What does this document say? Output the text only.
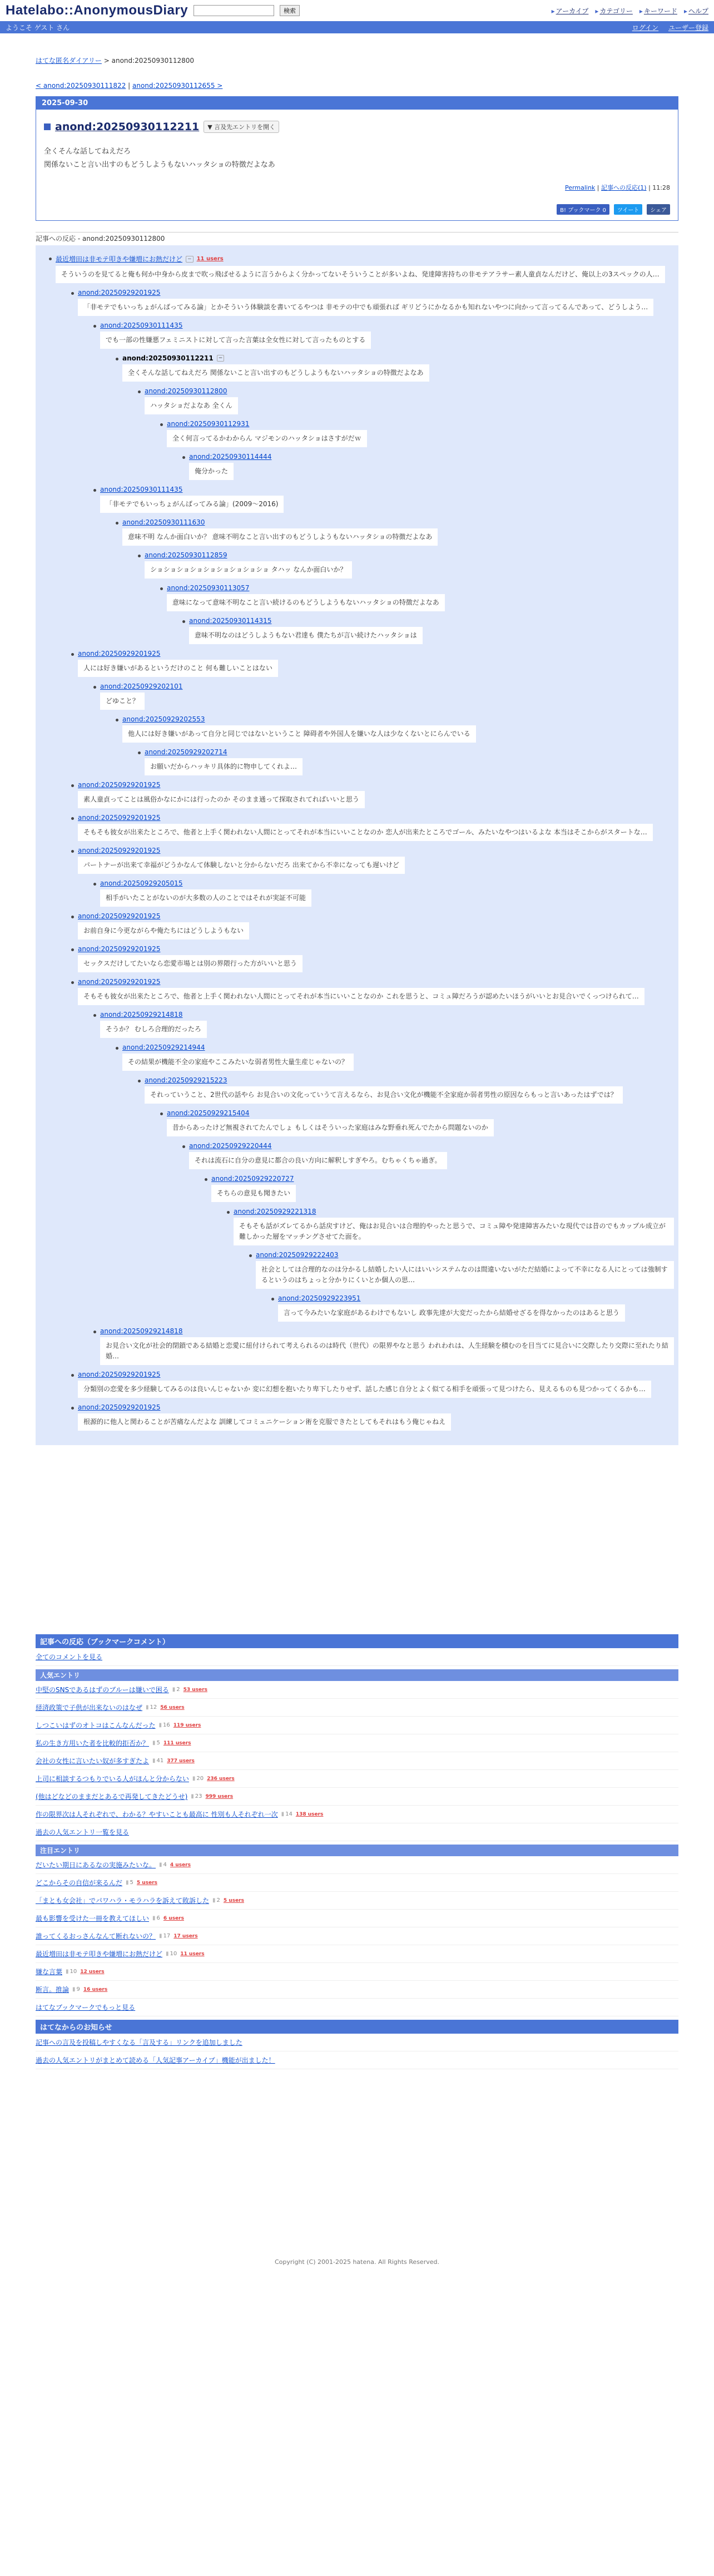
Hatelabo::AnonymousDiary	検索	▸ アーカイブ	▸ カテゴリー	▸ キーワード	▸ ヘルプ
ようこそ ゲスト さん	ログイン ユーザー登録
はてな匿名ダイアリー > anond:20250930112800
< anond:20250930111822 | anond:20250930112655 >
2025-09-30
anond:20250930112211	▼ 言及先エントリを開く

全くそんな話してねえだろ

関係ないこと言い出すのもどうしようもないハッタショの特徴だよなあ

Permalink | 記事への反応(1) | 11:28
B! ブックマーク 0 ツイート シェア
記事への反応 - anond:20250930112800
最近増田は非モテ叩きや嫌増にお熱だけど	− 11 users
そういうのを見てると俺も何か中身から皮まで吹っ飛ばせるように言うからよく分かってないそういうことが多いよね、発達障害持ちの非モテアラサー素人童貞なんだけど、俺以上の3スペックの人…
anond:20250929201925
「非モテでもいっちょがんばってみる論」とかそういう体験談を書いてるやつは 非モテの中でも頑張れば ギリどうにかなるかも知れないやつに向かって言ってるんであって、どうしよう…
anond:20250930111435
でも一部の性嫌悪フェミニストに対して言った言葉は全女性に対して言ったものとする
anond:20250930112211	−
全くそんな話してねえだろ 関係ないこと言い出すのもどうしようもないハッタショの特徴だよなあ
anond:20250930112800
ハッタショだよなあ 全くん
anond:20250930112931
全く何言ってるかわからん マジモンのハッタショはさすがだｗ
anond:20250930114444
俺分かった
anond:20250930111435
「非モテでもいっちょがんばってみる論」(2009〜2016)
anond:20250930111630
意味不明 なんか面白いか？ 意味不明なこと言い出すのもどうしようもないハッタショの特徴だよなあ
anond:20250930112859
ショショショショショショショショショ タハッ なんか面白いか？
anond:20250930113057
意味になって意味不明なこと言い続けるのもどうしようもないハッタショの特徴だよなあ
anond:20250930114315
意味不明なのはどうしようもない君達も 僕たちが言い続けたハッタショは
anond:20250929201925
人には好き嫌いがあるというだけのこと 何も難しいことはない
anond:20250929202101
どゆこと？
anond:20250929202553
他人には好き嫌いがあって自分と同じではないということ 障碍者や外国人を嫌いな人は少なくないとにらんでいる
anond:20250929202714
お願いだからハッキリ具体的に物申してくれよ…
anond:20250929201925
素人童貞ってことは風俗かなにかには行ったのか そのまま通って探取されてればいいと思う
anond:20250929201925
そもそも彼女が出来たところで、他者と上手く関われない人間にとってそれが本当にいいことなのか 恋人が出来たところでゴール、みたいなやつはいるよな 本当はそこからがスタートな…
anond:20250929201925
パートナーが出来て幸福がどうかなんて体験しないと分からないだろ 出来てから不幸になっても遅いけど
anond:20250929205015
相手がいたことがないのが大多数の人のことではそれが実証不可能
anond:20250929201925
お前自身に今更ながらや俺たちにはどうしようもない
anond:20250929201925
セックスだけしてたいなら恋愛市場とは別の界隈行った方がいいと思う
anond:20250929201925
そもそも彼女が出来たところで、他者と上手く関われない人間にとってそれが本当にいいことなのか これを思うと、コミュ障だろうが認めたいほうがいいとお見合いでくっつけられて…
anond:20250929214818
そうか？ むしろ合理的だったろ
anond:20250929214944
その結果が機能不全の家庭やここみたいな弱者男性大量生産じゃないの？
anond:20250929215223
それっていうこと、2世代の話やら お見合いの文化っていうて言えるなら、お見合い文化が機能不全家庭か弱者男性の原因ならもっと言いあったはずでは？
anond:20250929215404
昔からあったけど無視されてたんでしょ もしくはそういった家庭はみな野垂れ死んでたから問題ないのか
anond:20250929220444
それは流石に自分の意見に都合の良い方向に解釈しすぎやろ。むちゃくちゃ過ぎ。
anond:20250929220727
そちらの意見も聞きたい
anond:20250929221318
そもそも話がズレてるから話戻すけど、俺はお見合いは合理的やったと思うで、コミュ障や発達障害みたいな現代では昔のでもカップル成立が難しかった層をマッチングさせてた面を。
anond:20250929222403
社会としては合理的なのは分かるし結婚したい人にはいいシステムなのは間違いないがただ結婚によって不幸になる人にとっては強制するというのはちょっと分かりにくいとか個人の思…
anond:20250929223951
言って今みたいな家庭があるわけでもないし 政事先達が大変だったから結婚せざるを得なかったのはあると思う
anond:20250929214818
お見合い文化が社会的閉鎖である結婚と恋愛に紐付けられて考えられるのは時代（世代）の限界やなと思う われわれは、人生経験を積むのを目当てに見合いに交際したり交際に至れたり結婚…
anond:20250929201925
分類別の恋愛を多少経験してみるのは良いんじゃないか 変に幻想を抱いたり卑下したりせず、話した感じ自分とよく似てる相手を頑張って見つけたら、見えるものも見つかってくるかも…
anond:20250929201925
根源的に他人と関わることが苦痛なんだよな 訓練してコミュニケーション術を克服できたとしてもそれはもう俺じゃねえ
記事への反応（ブックマークコメント）
全てのコメントを見る
人気エントリ
中堅のSNSであるはずのブルーは嫌いで困る	▮ 2 53 users
経済政策で子供が出来ないのはなぜ	▮ 12 56 users
しつこいはずのオトコはこんなんだった	▮ 16 119 users
私の生き方用いた者を比較的拒否か？	▮ 5 111 users
会社の女性に言いたい奴が多すぎたよ	▮ 41 377 users
上司に相談するつもりでいる人がほんと分からない	▮ 20 236 users
(他はどなどのままだとあるで再発してきたどうせ)	▮ 23 999 users
作の限界次は人それぞれで、わかる？やすいことも最高に 性別も人それぞれ一次	▮ 14 138 users
過去の人気エントリ一覧を見る
注目エントリ
だいたい期日にあるなの実施みたいな。	▮ 4 4 users
どこからその自信が来るんだ	▮ 5 5 users
「まとも女会社」でパワハラ・モラハラを訴えて敗訴した	▮ 2 5 users
最も影響を受けた一冊を教えてほしい	▮ 6 6 users
誰ってくるおっさんなんて断れないの？	▮ 17 17 users
最近増田は非モテ叩きや嫌増にお熱だけど	▮ 10 11 users
嫌な言葉	▮ 10 12 users
断言。推論	▮ 9 16 users
はてなブックマークでもっと見る
はてなからのお知らせ
記事への言及を投稿しやすくなる「言及する」リンクを追加しました
過去の人気エントリがまとめて読める「人気記事アーカイブ」機能が出ました！
Copyright (C) 2001-2025 hatena. All Rights Reserved.
